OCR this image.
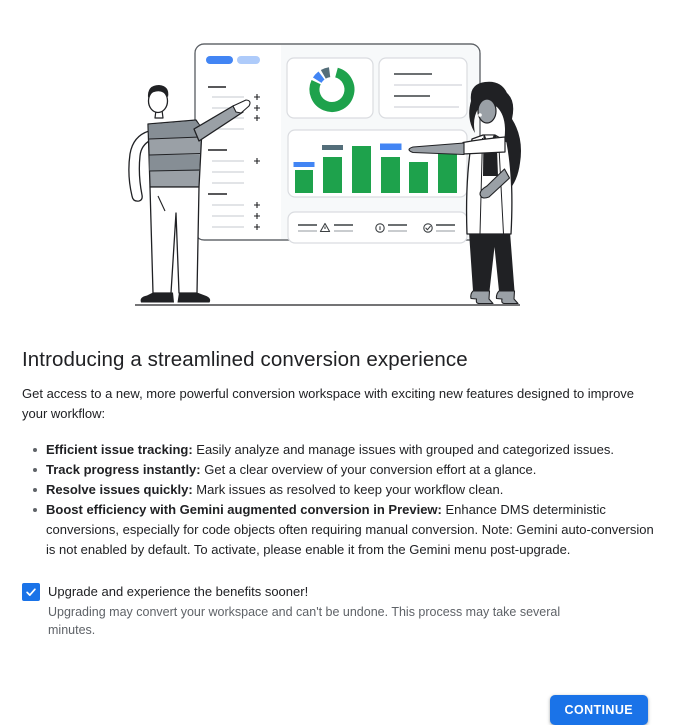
Introducing a streamlined conversion experience

Get access to a new, more powerful conversion workspace with exciting new features designed to improve your workflow:

Efficient issue tracking: Easily analyze and manage issues with grouped and categorized issues.
Track progress instantly: Get a clear overview of your conversion effort at a glance.
Resolve issues quickly: Mark issues as resolved to keep your workflow clean.
Boost efficiency with Gemini augmented conversion in Preview: Enhance DMS deterministic conversions, especially for code objects often requiring manual conversion. Note: Gemini auto-conversion is not enabled by default. To activate, please enable it from the Gemini menu post-upgrade.
Upgrade and experience the benefits sooner!
Upgrading may convert your workspace and can't be undone. This process may take several minutes.
CONTINUE
